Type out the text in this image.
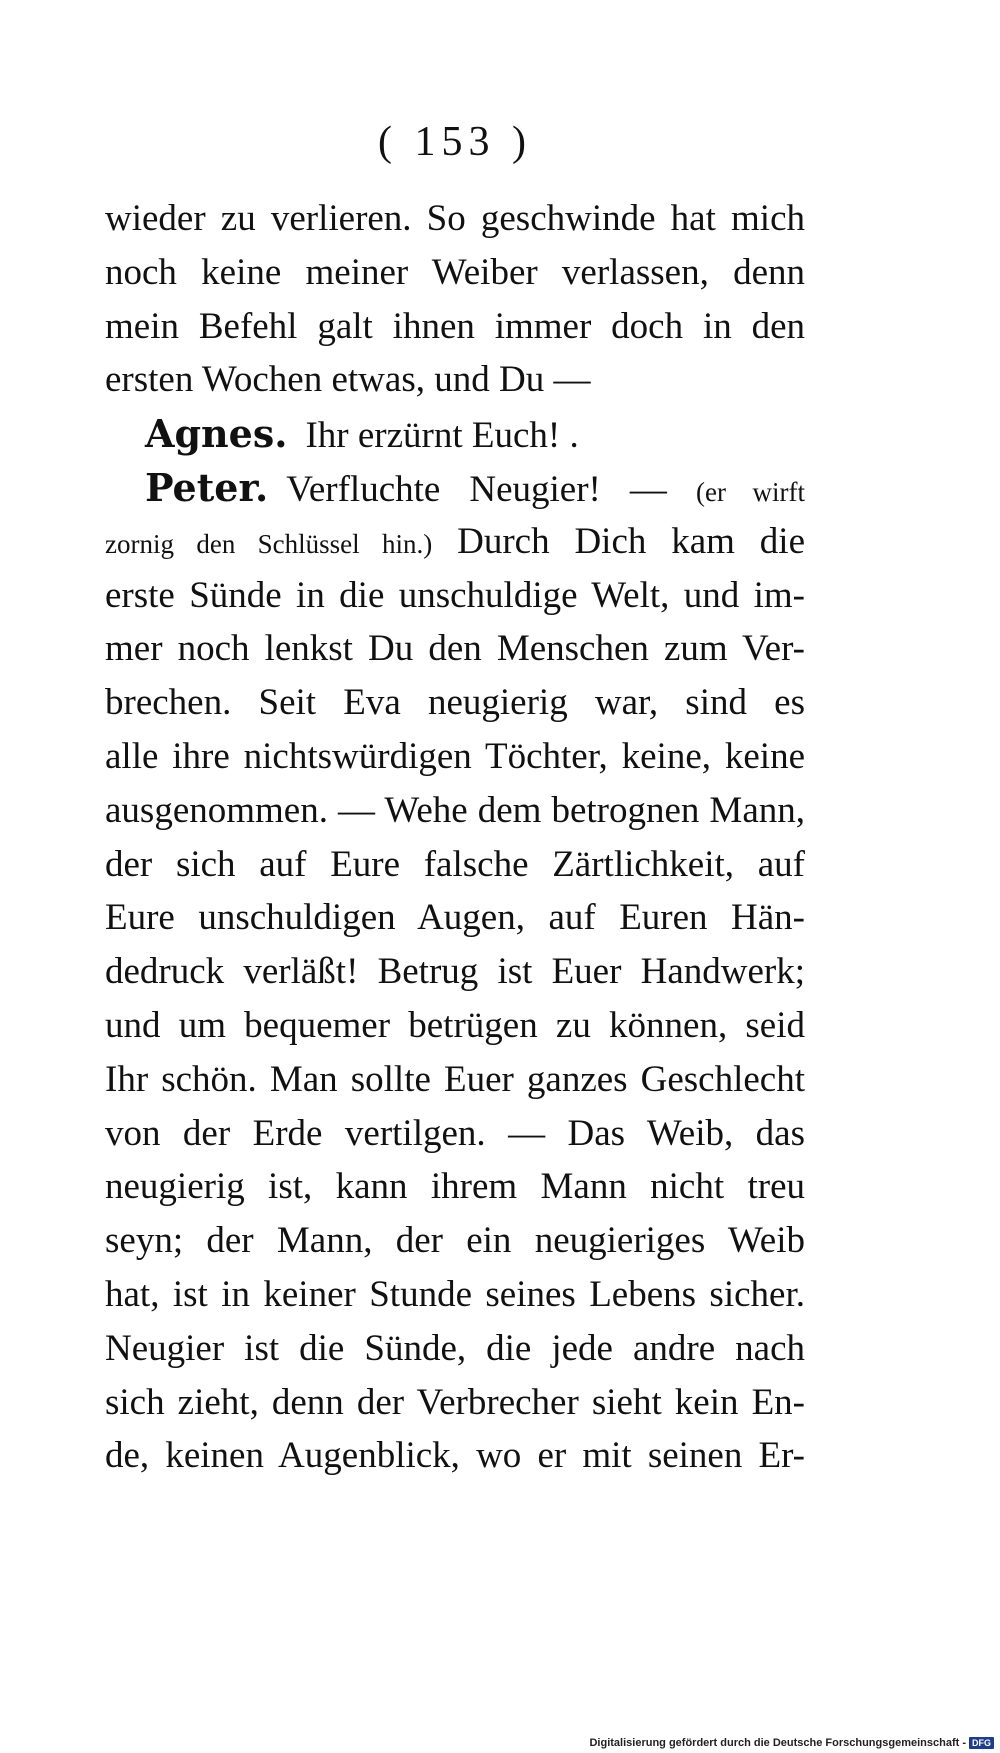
( 153 )
wieder zu verlieren. So geschwinde hat mich
noch keine meiner Weiber verlassen, denn
mein Befehl galt ihnen immer doch in den
ersten Wochen etwas, und Du —
Agnes. Ihr erzürnt Euch! .
Peter. Verfluchte Neugier! — (er wirft
zornig den Schlüssel hin.) Durch Dich kam die
erste Sünde in die unschuldige Welt, und im-
mer noch lenkst Du den Menschen zum Ver-
brechen. Seit Eva neugierig war, sind es
alle ihre nichtswürdigen Töchter, keine, keine
ausgenommen. — Wehe dem betrognen Mann,
der sich auf Eure falsche Zärtlichkeit, auf
Eure unschuldigen Augen, auf Euren Hän-
dedruck verläßt! Betrug ist Euer Handwerk;
und um bequemer betrügen zu können, seid
Ihr schön. Man sollte Euer ganzes Geschlecht
von der Erde vertilgen. — Das Weib, das
neugierig ist, kann ihrem Mann nicht treu
seyn; der Mann, der ein neugieriges Weib
hat, ist in keiner Stunde seines Lebens sicher.
Neugier ist die Sünde, die jede andre nach
sich zieht, denn der Verbrecher sieht kein En-
de, keinen Augenblick, wo er mit seinen Er-
Digitalisierung gefördert durch die Deutsche Forschungsgemeinschaft - DFG
